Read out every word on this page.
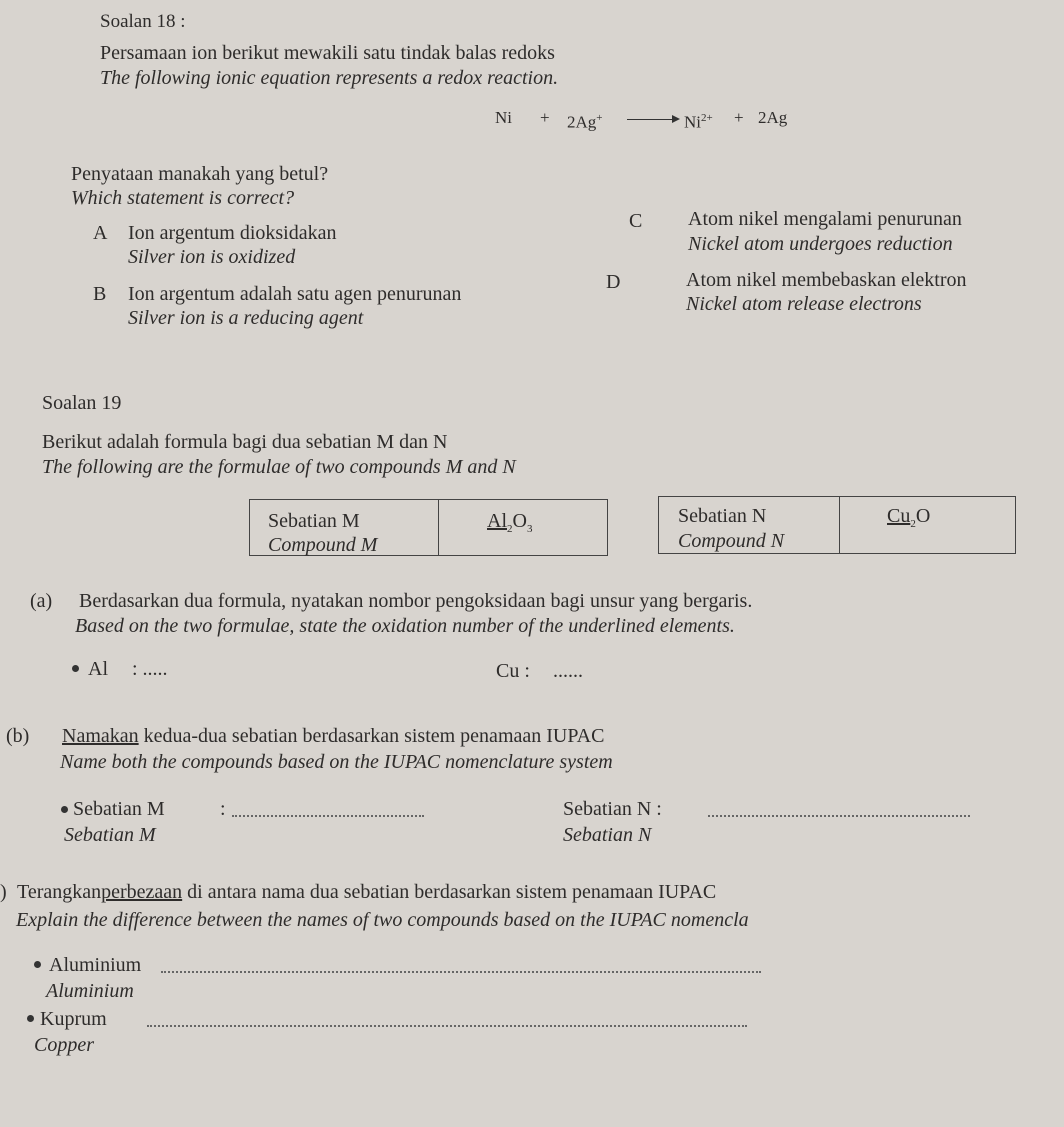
Soalan 18 :
Persamaan ion berikut mewakili satu tindak balas redoks
The following ionic equation represents a redox reaction.
Ni + 2Ag+	$Ni^{2+} + 2Ag$
Penyataan manakah yang betul?
Which statement is correct?
A Ion argentum dioksidakan
Silver ion is oxidized
B Ion argentum adalah satu agen penurunan
Silver ion is a reducing agent
C Atom nikel mengalami penurunan
Nickel atom undergoes reduction
D	Atom nikel membebaskan elektron
Nickel atom release electrons
Soalan 19
Berikut adalah formula bagi dua sebatian M dan N
The following are the formulae of two compounds M and N
Sebatian M
Compound M
$Al_2O_3$
Sebatian N
Compound N
$Cu_2O$
(a) Berdasarkan dua formula, nyatakan nombor pengoksidaan bagi unsur yang bergaris.
Based on the two formulae, state the oxidation number of the underlined elements.
Al : .....	Cu : ......
(b) Namakan kedua-dua sebatian berdasarkan sistem penamaan IUPAC
Name both the compounds based on the IUPAC nomenclature system
Sebatian M	:
Sebatian M
Sebatian N :
Sebatian N
) Terangkanperbezaan di antara nama dua sebatian berdasarkan sistem penamaan IUPAC
Explain the difference between the names of two compounds based on the IUPAC nomencla
Aluminium
Aluminium
Kuprum
Copper
